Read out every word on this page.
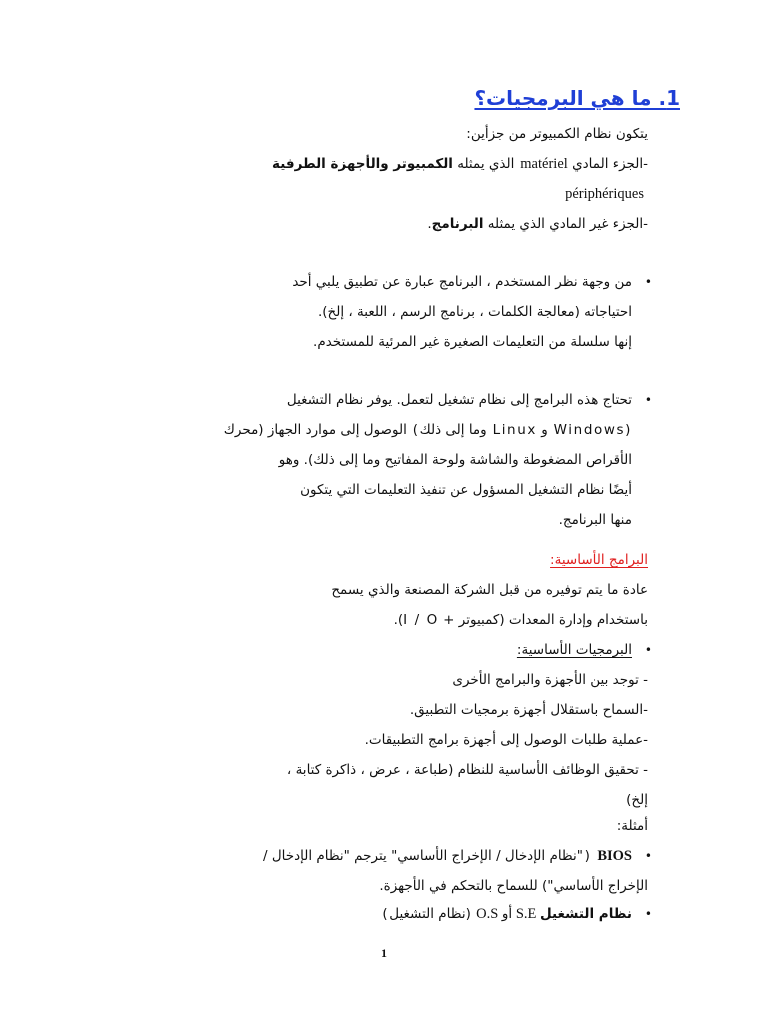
1. ما هي البرمجيات؟
يتكون نظام الكمبيوتر من جزأين:
-الجزء المادي matériel الذي يمثله الكمبيوتر والأجهزة الطرفية
périphériques
-الجزء غير المادي الذي يمثله البرنامج.
•
من وجهة نظر المستخدم ، البرنامج عبارة عن تطبيق يلبي أحد
احتياجاته (معالجة الكلمات ، برنامج الرسم ، اللعبة ، إلخ).
إنها سلسلة من التعليمات الصغيرة غير المرئية للمستخدم.
•
تحتاج هذه البرامج إلى نظام تشغيل لتعمل. يوفر نظام التشغيل
(Windows و Linux وما إلى ذلك) الوصول إلى موارد الجهاز (محرك
الأقراص المضغوطة والشاشة ولوحة المفاتيح وما إلى ذلك). وهو
أيضًا نظام التشغيل المسؤول عن تنفيذ التعليمات التي يتكون
منها البرنامج.
البرامج الأساسية:
عادة ما يتم توفيره من قبل الشركة المصنعة والذي يسمح
باستخدام وإدارة المعدات (كمبيوتر + I / O).
•
البرمجيات الأساسية:
- توجد بين الأجهزة والبرامج الأخرى
-السماح باستقلال أجهزة برمجيات التطبيق.
-عملية طلبات الوصول إلى أجهزة برامج التطبيقات.
- تحقيق الوظائف الأساسية للنظام (طباعة ، عرض ، ذاكرة كتابة ،
إلخ)
أمثلة:
•
BIOS ("نظام الإدخال / الإخراج الأساسي" يترجم "نظام الإدخال /
الإخراج الأساسي") للسماح بالتحكم في الأجهزة.
•
نظام التشغيل S.E أو O.S (نظام التشغيل)
1
